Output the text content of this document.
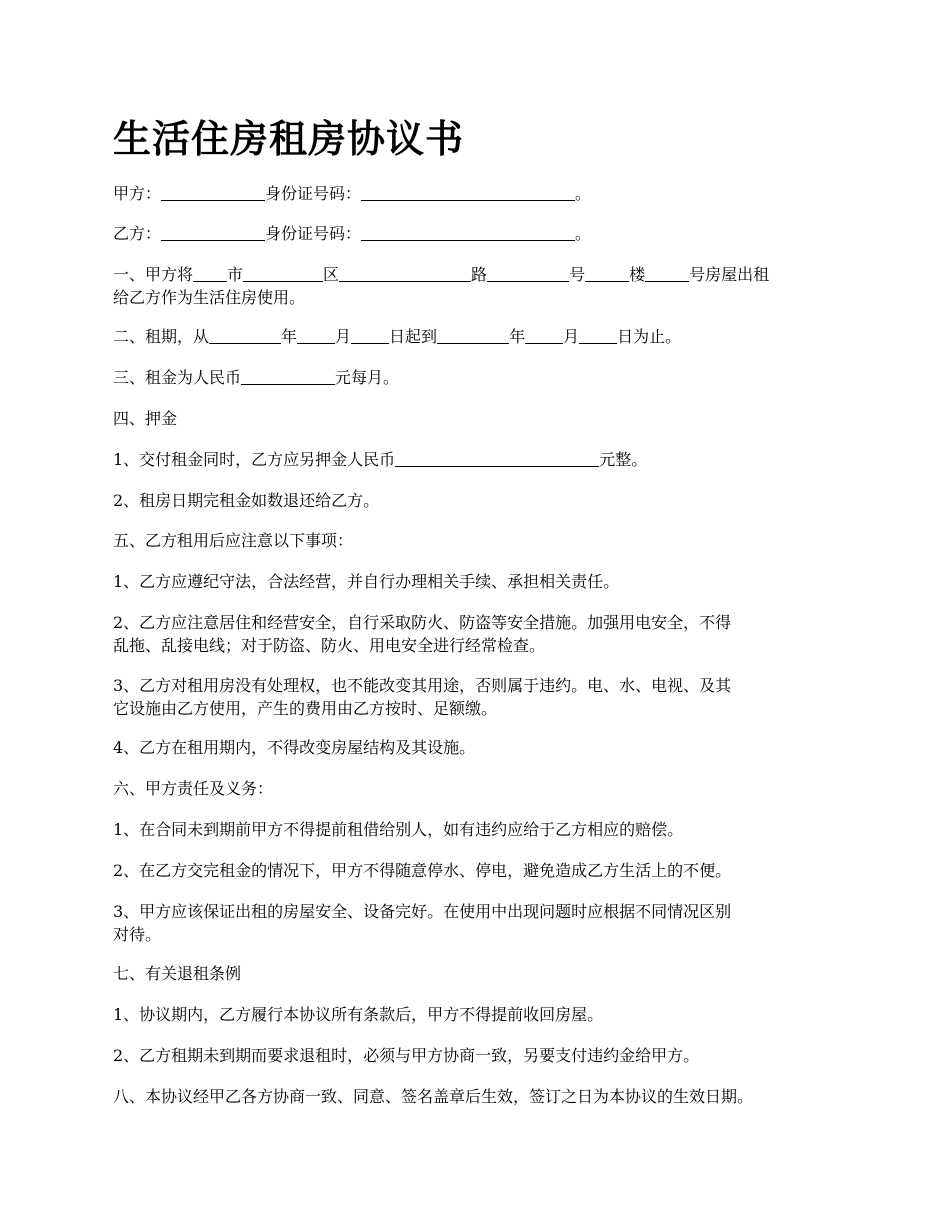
生活住房租房协议书
甲方：	身份证号码：	。
乙方：	身份证号码：	。
一、甲方将 市	区	路	号	楼	号房屋出租
给乙方作为生活住房使用。
二、租期，从	年 月 日起到	年 月 日为止。
三、租金为人民币	元每月。
四、押金
1、交付租金同时，乙方应另押金人民币	元整。
2、租房日期完租金如数退还给乙方。
五、乙方租用后应注意以下事项：
1、乙方应遵纪守法，合法经营，并自行办理相关手续、承担相关责任。
2、乙方应注意居住和经营安全，自行采取防火、防盗等安全措施。加强用电安全，不得
乱拖、乱接电线；对于防盗、防火、用电安全进行经常检查。
3、乙方对租用房没有处理权，也不能改变其用途，否则属于违约。电、水、电视、及其
它设施由乙方使用，产生的费用由乙方按时、足额缴。
4、乙方在租用期内，不得改变房屋结构及其设施。
六、甲方责任及义务：
1、在合同未到期前甲方不得提前租借给别人，如有违约应给于乙方相应的赔偿。
2、在乙方交完租金的情况下，甲方不得随意停水、停电，避免造成乙方生活上的不便。
3、甲方应该保证出租的房屋安全、设备完好。在使用中出现问题时应根据不同情况区别
对待。
七、有关退租条例
1、协议期内，乙方履行本协议所有条款后，甲方不得提前收回房屋。
2、乙方租期未到期而要求退租时，必须与甲方协商一致，另要支付违约金给甲方。
八、本协议经甲乙各方协商一致、同意、签名盖章后生效，签订之日为本协议的生效日期。
